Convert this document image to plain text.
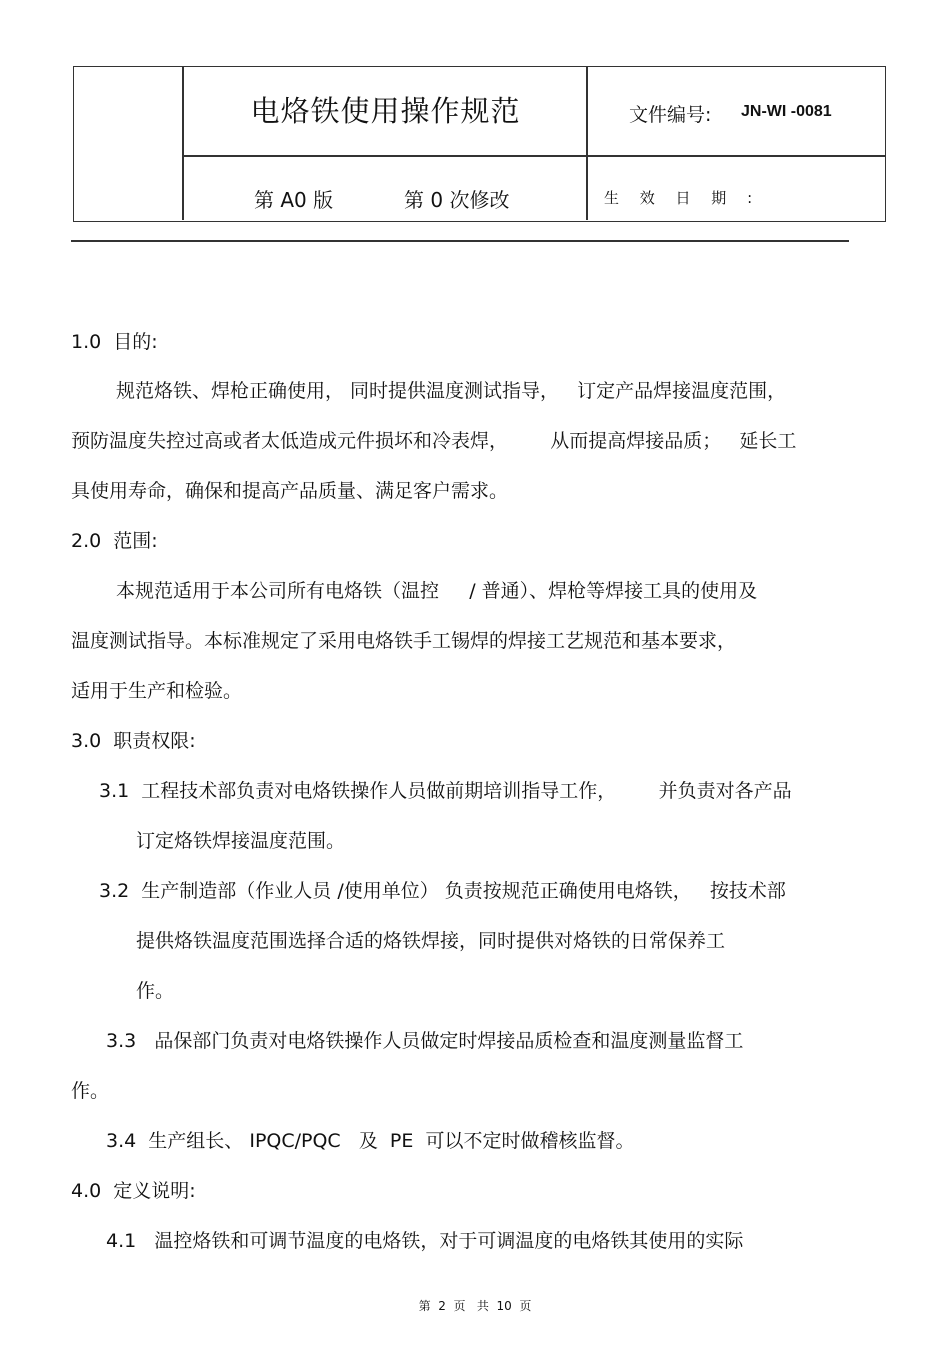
电烙铁使用操作规范	文件编号: JN-WI -0081
第 A0 版	第 0 次修改	生 效 日 期 :
1.0  目的:
规范烙铁、焊枪正确使用， 同时提供温度测试指导，   订定产品焊接温度范围，
预防温度失控过高或者太低造成元件损坏和冷表焊，       从而提高焊接品质；   延长工
具使用寿命，确保和提高产品质量、满足客户需求。
2.0  范围:
本规范适用于本公司所有电烙铁（温控     / 普通）、焊枪等焊接工具的使用及
温度测试指导。本标准规定了采用电烙铁手工锡焊的焊接工艺规范和基本要求，
适用于生产和检验。
3.0  职责权限:
3.1  工程技术部负责对电烙铁操作人员做前期培训指导工作，       并负责对各产品
订定烙铁焊接温度范围。
3.2  生产制造部（作业人员 /使用单位） 负责按规范正确使用电烙铁，   按技术部
提供烙铁温度范围选择合适的烙铁焊接，同时提供对烙铁的日常保养工
作。
3.3   品保部门负责对电烙铁操作人员做定时焊接品质检查和温度测量监督工
作。
3.4  生产组长、 IPQC/PQC   及  PE  可以不定时做稽核监督。
4.0  定义说明:
4.1   温控烙铁和可调节温度的电烙铁，对于可调温度的电烙铁其使用的实际
第  2  页   共  10  页
